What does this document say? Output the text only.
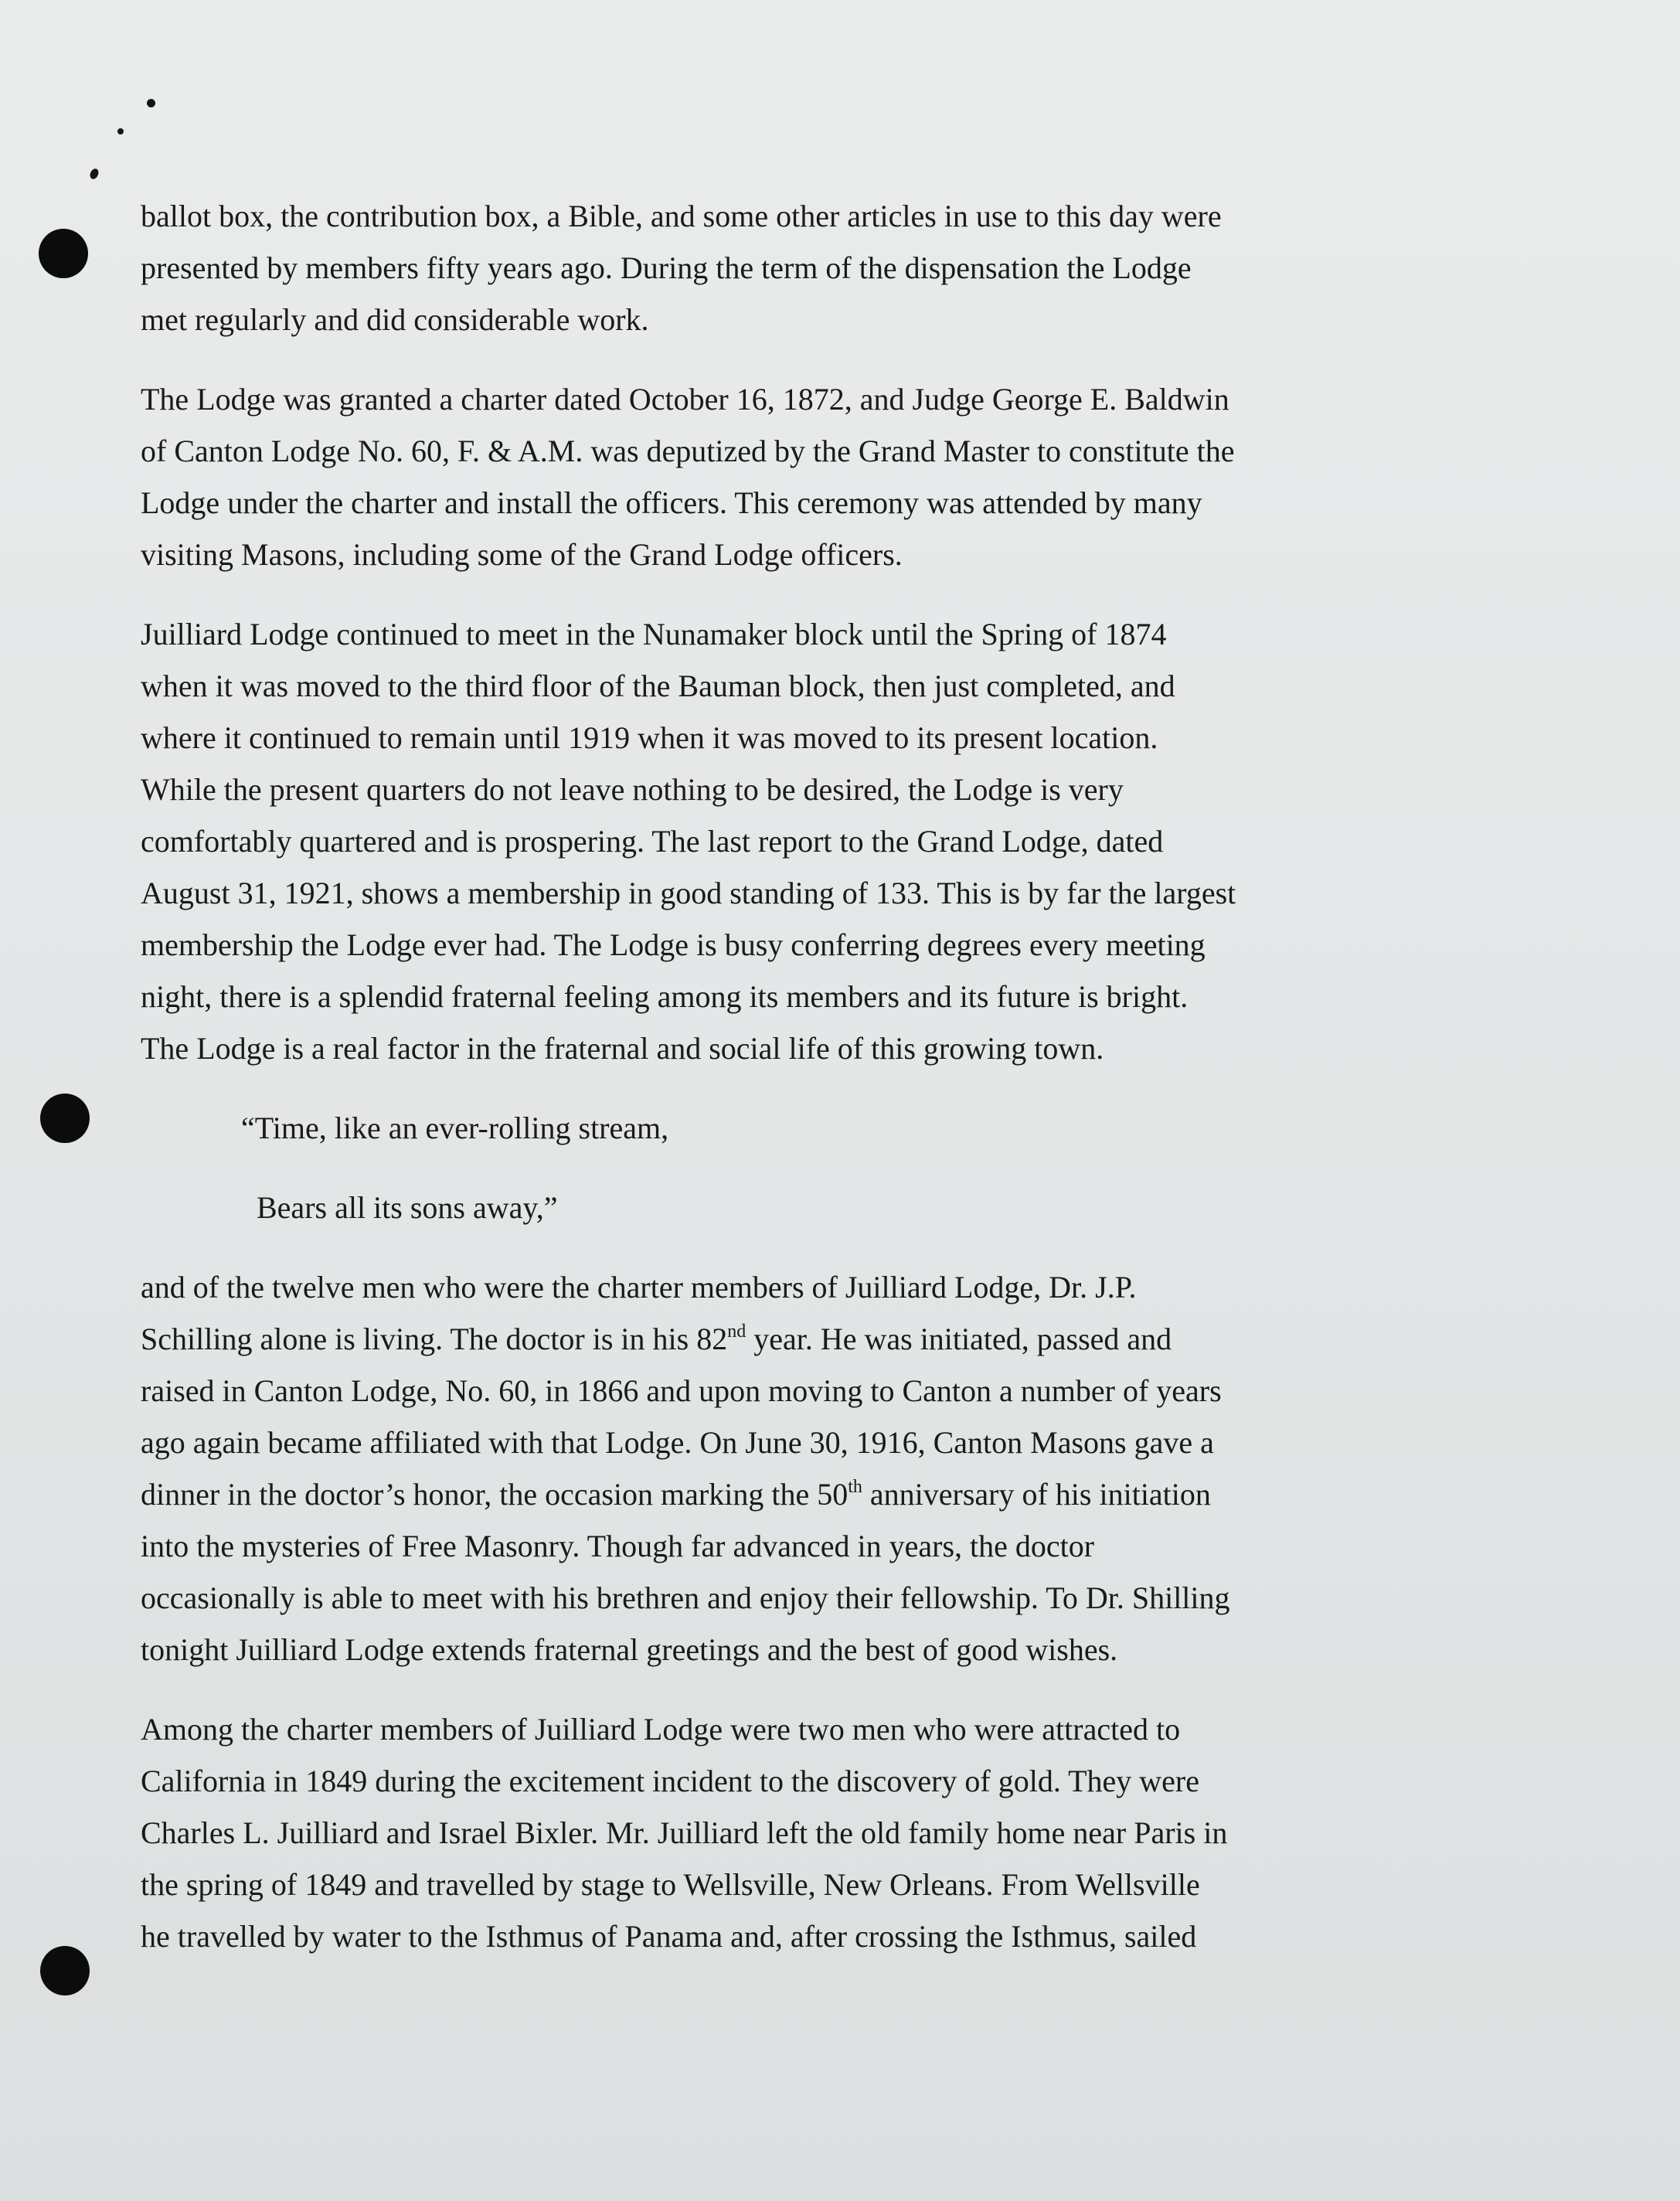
ballot box, the contribution box, a Bible, and some other articles in use to this day were
presented by members fifty years ago. During the term of the dispensation the Lodge
met regularly and did considerable work.

The Lodge was granted a charter dated October 16, 1872, and Judge George E. Baldwin
of Canton Lodge No. 60, F. & A.M. was deputized by the Grand Master to constitute the
Lodge under the charter and install the officers. This ceremony was attended by many
visiting Masons, including some of the Grand Lodge officers.

Juilliard Lodge continued to meet in the Nunamaker block until the Spring of 1874
when it was moved to the third floor of the Bauman block, then just completed, and
where it continued to remain until 1919 when it was moved to its present location.
While the present quarters do not leave nothing to be desired, the Lodge is very
comfortably quartered and is prospering. The last report to the Grand Lodge, dated
August 31, 1921, shows a membership in good standing of 133. This is by far the largest
membership the Lodge ever had. The Lodge is busy conferring degrees every meeting
night, there is a splendid fraternal feeling among its members and its future is bright.
The Lodge is a real factor in the fraternal and social life of this growing town.

“Time, like an ever-rolling stream,

Bears all its sons away,”

and of the twelve men who were the charter members of Juilliard Lodge, Dr. J.P.
Schilling alone is living. The doctor is in his 82nd year. He was initiated, passed and
raised in Canton Lodge, No. 60, in 1866 and upon moving to Canton a number of years
ago again became affiliated with that Lodge. On June 30, 1916, Canton Masons gave a
dinner in the doctor’s honor, the occasion marking the 50th anniversary of his initiation
into the mysteries of Free Masonry. Though far advanced in years, the doctor
occasionally is able to meet with his brethren and enjoy their fellowship. To Dr. Shilling
tonight Juilliard Lodge extends fraternal greetings and the best of good wishes.

Among the charter members of Juilliard Lodge were two men who were attracted to
California in 1849 during the excitement incident to the discovery of gold. They were
Charles L. Juilliard and Israel Bixler. Mr. Juilliard left the old family home near Paris in
the spring of 1849 and travelled by stage to Wellsville, New Orleans. From Wellsville
he travelled by water to the Isthmus of Panama and, after crossing the Isthmus, sailed
